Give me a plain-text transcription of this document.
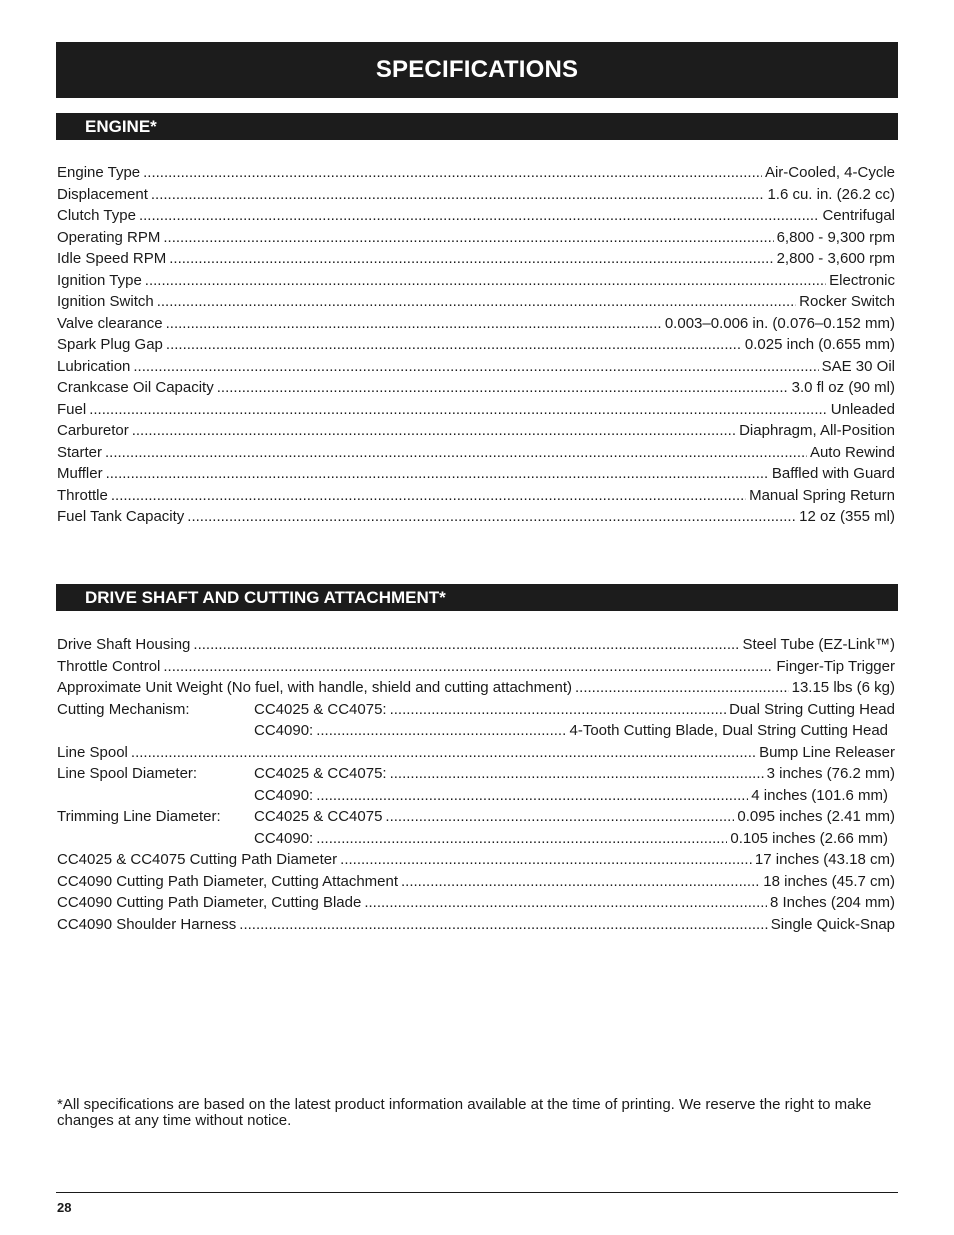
SPECIFICATIONS
ENGINE*
Engine Type .....	Air-Cooled, 4-Cycle
Displacement .....	1.6 cu. in. (26.2 cc)
Clutch Type .....	Centrifugal
Operating RPM .....	6,800 - 9,300 rpm
Idle Speed RPM .....	2,800 - 3,600 rpm
Ignition Type .....	Electronic
Ignition Switch .....	Rocker Switch
Valve clearance .....	0.003–0.006 in. (0.076–0.152 mm)
Spark Plug Gap .....	0.025 inch (0.655 mm)
Lubrication .....	SAE 30 Oil
Crankcase Oil Capacity .....	3.0 fl oz (90 ml)
Fuel .....	Unleaded
Carburetor .....	Diaphragm, All-Position
Starter .....	Auto Rewind
Muffler .....	Baffled with Guard
Throttle .....	Manual Spring Return
Fuel Tank Capacity .....	12 oz (355 ml)
DRIVE SHAFT AND CUTTING ATTACHMENT*
Drive Shaft Housing .....	Steel Tube (EZ-Link™)
Throttle Control .....	Finger-Tip Trigger
Approximate Unit Weight (No fuel, with handle, shield and cutting attachment) .....	13.15 lbs (6 kg)
Cutting Mechanism:	CC4025 & CC4075: .....	Dual String Cutting Head
CC4090: .....	4-Tooth Cutting Blade, Dual String Cutting Head
Line Spool .....	Bump Line Releaser
Line Spool Diameter:	CC4025 & CC4075: .....	3 inches (76.2 mm)
CC4090: .....	4 inches (101.6 mm)
Trimming Line Diameter:	CC4025 & CC4075 .....	0.095 inches (2.41 mm)
CC4090: .....	0.105 inches (2.66 mm)
CC4025 & CC4075 Cutting Path Diameter .....	17 inches (43.18 cm)
CC4090 Cutting Path Diameter, Cutting Attachment .....	18 inches (45.7 cm)
CC4090 Cutting Path Diameter, Cutting Blade .....	8 Inches (204 mm)
CC4090 Shoulder Harness .....	Single Quick-Snap
*All specifications are based on the latest product information available at the time of printing. We reserve the right to make changes at any time without notice.
28
